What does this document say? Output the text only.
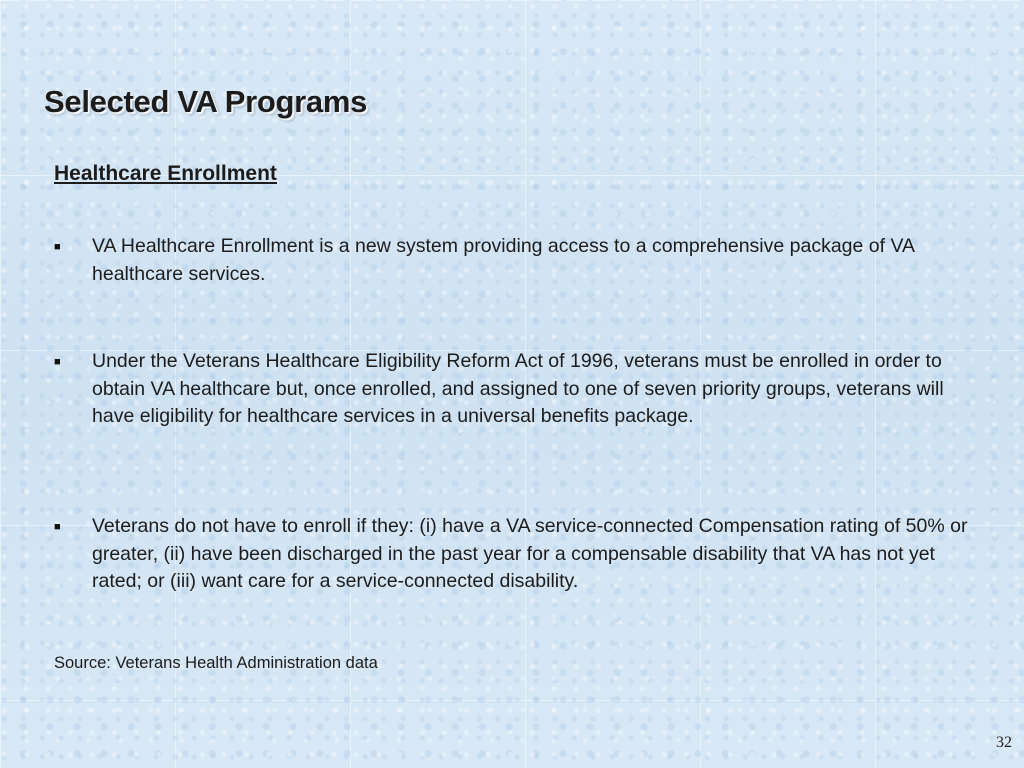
Selected VA Programs
Healthcare Enrollment
■	VA Healthcare Enrollment is a new system providing access to a comprehensive package of VA healthcare services.
■	Under the Veterans Healthcare Eligibility Reform Act of 1996, veterans must be enrolled in order to obtain VA healthcare but, once enrolled, and assigned to one of seven priority groups, veterans will have eligibility for healthcare services in a universal benefits package.
■	Veterans do not have to enroll if they: (i) have a VA service-connected Compensation rating of 50% or greater, (ii) have been discharged in the past year for a compensable disability that VA has not yet rated; or (iii) want care for a service-connected disability.

Source: Veterans Health Administration data

32
